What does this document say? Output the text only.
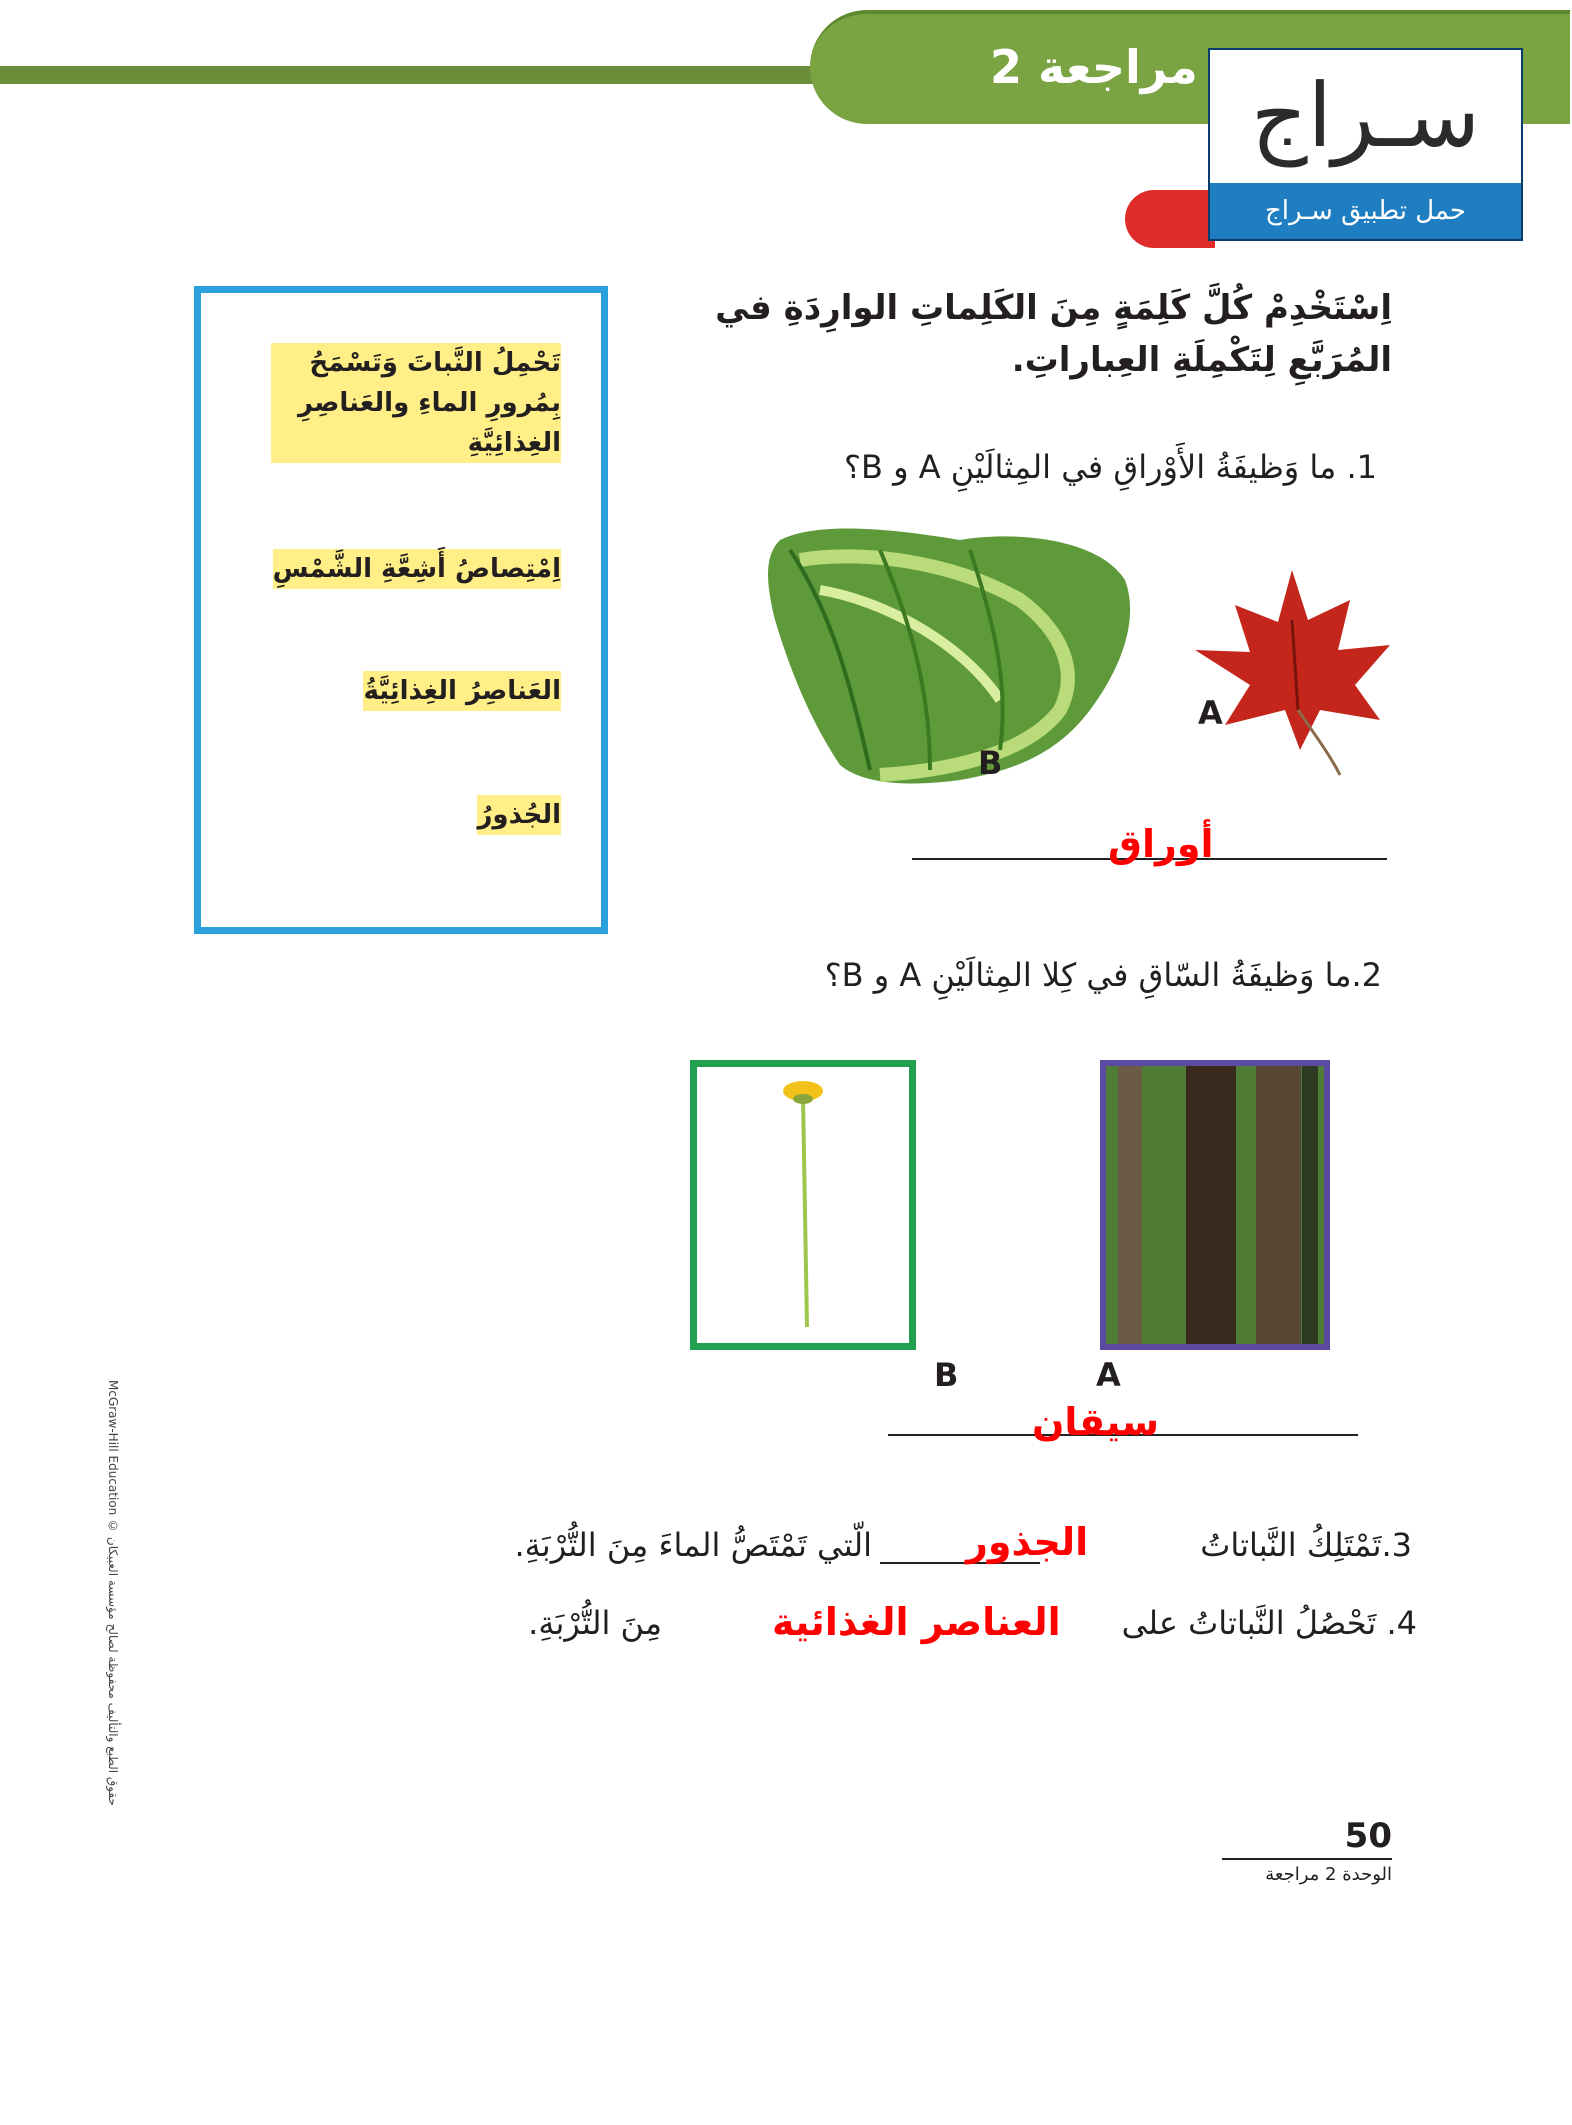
مراجعة 2 سـراج
حمل تطبيق سـراج
اِسْتَخْدِمْ كُلَّ كَلِمَةٍ مِنَ الكَلِماتِ الوارِدَةِ في المُرَبَّعِ لِتَكْمِلَةِ العِباراتِ.
تَحْمِلُ النَّباتَ وَتَسْمَحُ بِمُرورِ الماءِ والعَناصِرِ الغِذائِيَّةِ
اِمْتِصاصُ أَشِعَّةِ الشَّمْسِ
العَناصِرُ الغِذائِيَّةُ
الجُذورُ
1. ما وَظيفَةُ الأَوْراقِ في المِثالَيْنِ A و B؟
A
B
أوراق
2.ما وَظيفَةُ السّاقِ في كِلا المِثالَيْنِ A و B؟
A
B
سيقان
3.تَمْتَلِكُ النَّباتاتُ
الجذور
الّتي تَمْتَصُّ الماءَ مِنَ التُّرْبَةِ.
4. تَحْصُلُ النَّباتاتُ على
العناصر الغذائية
مِنَ التُّرْبَةِ.
McGraw-Hill Education © حقوق الطبع والتأليف محفوظة لصالح مؤسسة العبيكان
50
الوحدة 2 مراجعة
